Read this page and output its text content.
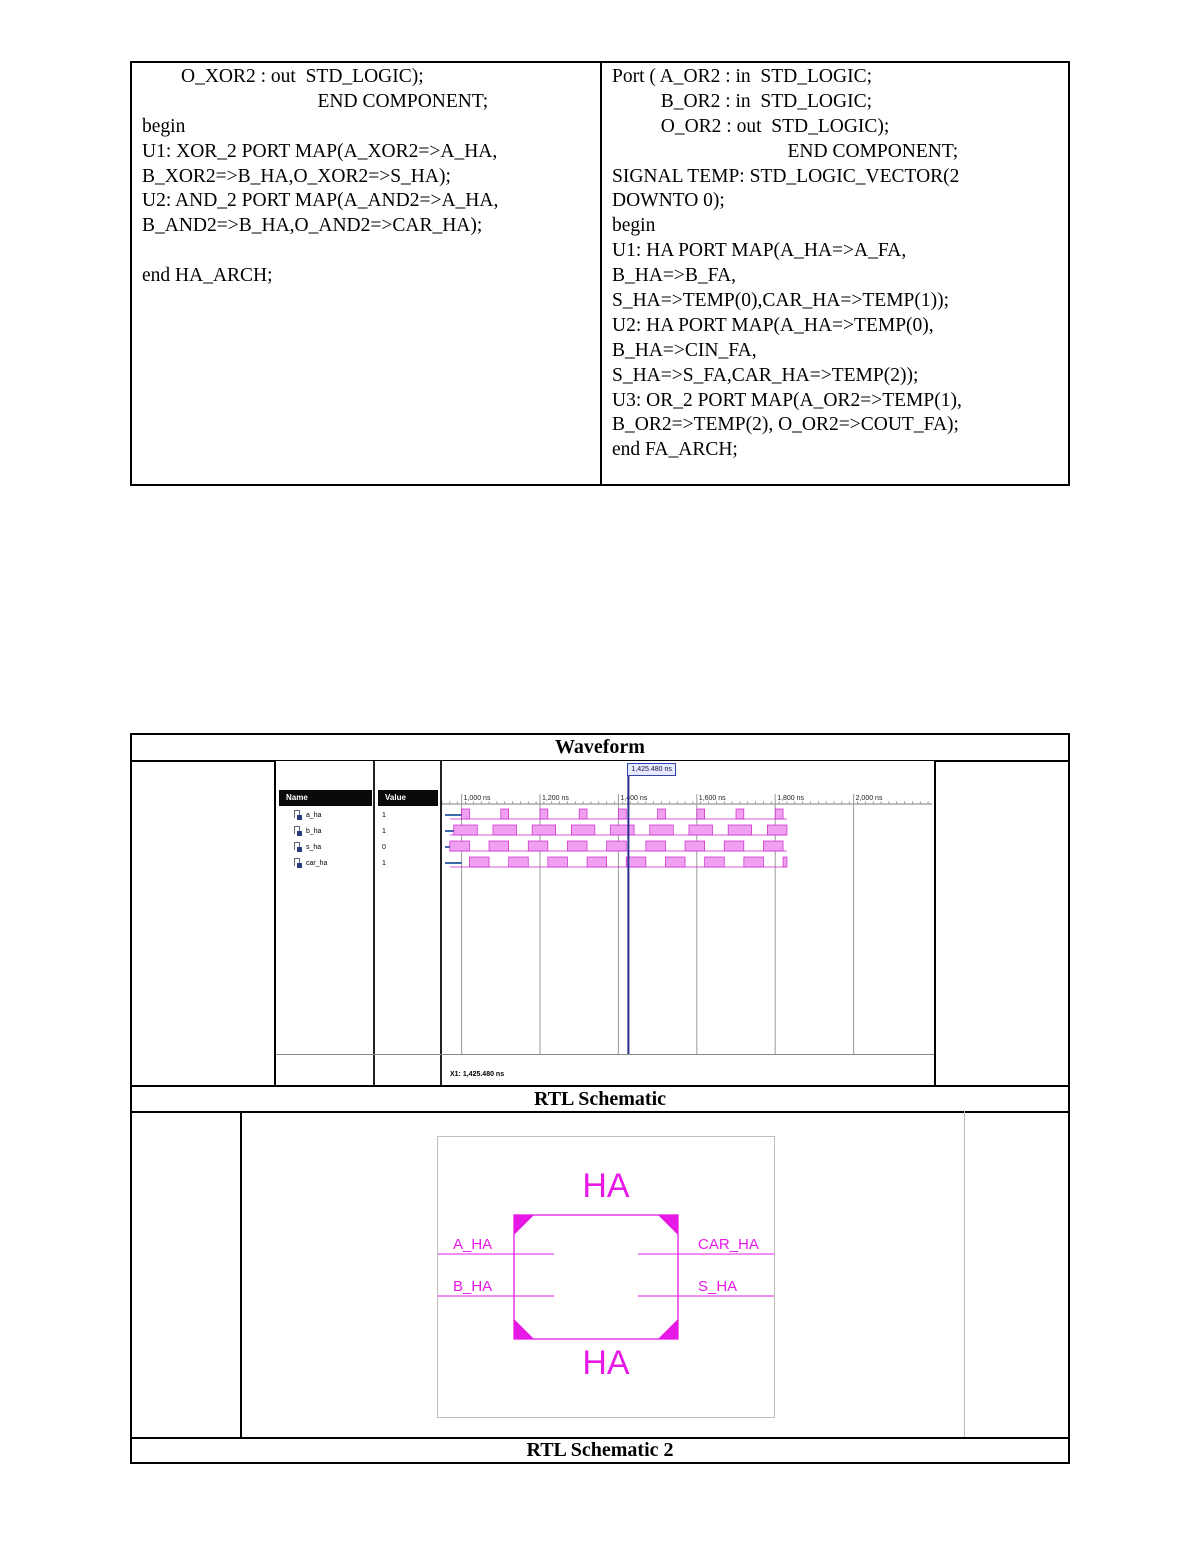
O_XOR2 : out  STD_LOGIC);
END COMPONENT;
begin
U1: XOR_2 PORT MAP(A_XOR2=>A_HA,
B_XOR2=>B_HA,O_XOR2=>S_HA);
U2: AND_2 PORT MAP(A_AND2=>A_HA,
B_AND2=>B_HA,O_AND2=>CAR_HA);
end HA_ARCH;
Port ( A_OR2 : in  STD_LOGIC;
B_OR2 : in  STD_LOGIC;
O_OR2 : out  STD_LOGIC);
END COMPONENT;
SIGNAL TEMP: STD_LOGIC_VECTOR(2
DOWNTO 0);
begin
U1: HA PORT MAP(A_HA=>A_FA,
B_HA=>B_FA,
S_HA=>TEMP(0),CAR_HA=>TEMP(1));
U2: HA PORT MAP(A_HA=>TEMP(0),
B_HA=>CIN_FA,
S_HA=>S_FA,CAR_HA=>TEMP(2));
U3: OR_2 PORT MAP(A_OR2=>TEMP(1),
B_OR2=>TEMP(2), O_OR2=>COUT_FA);
end FA_ARCH;
Waveform
Name	Value
a_ha	1
b_ha	1
s_ha	0
car_ha	1
1,000 ns	1,200 ns	1,400 ns	1,600 ns	1,800 ns	2,000 ns
X1: 1,425.480 ns
1,425.480 ns
RTL Schematic
HA
A_HA
B_HA
CAR_HA
S_HA
HA
RTL Schematic 2
